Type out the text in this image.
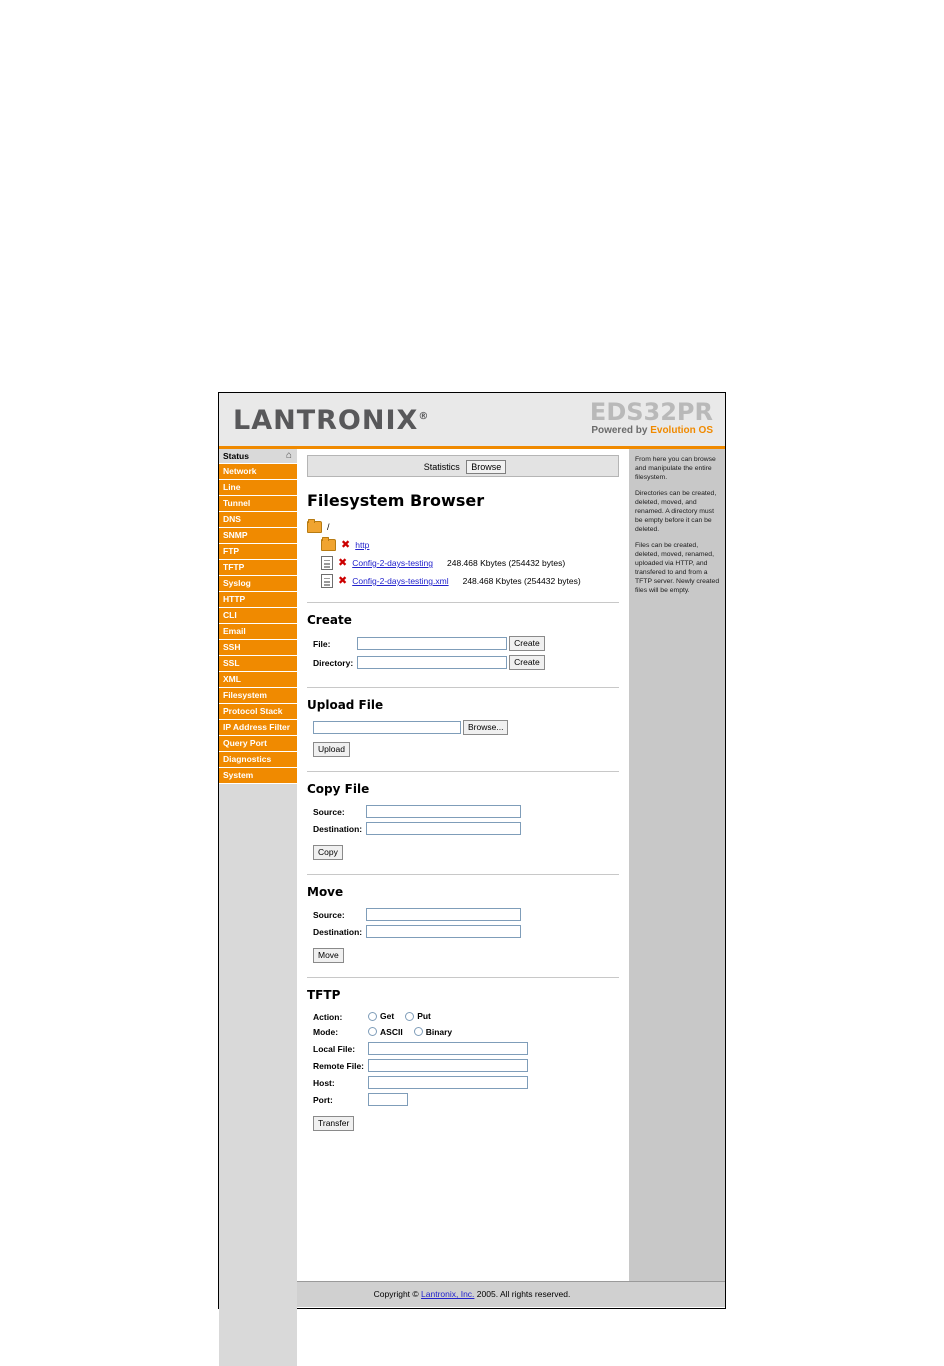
LANTRONIX®	EDS32PR
Powered by Evolution OS
Status	⌂
Network
Line
Tunnel
DNS
SNMP
FTP
TFTP
Syslog
HTTP
CLI
Email
SSH
SSL
XML
Filesystem
Protocol Stack
IP Address Filter
Query Port
Diagnostics
System
Statistics Browse
Filesystem Browser
/
✖ http
✖ Config-2-days-testing 248.468 Kbytes (254432 bytes)
✖ Config-2-days-testing.xml 248.468 Kbytes (254432 bytes)
Create
File:		Create
Directory:		Create
Upload File
Browse...
Upload
Copy File
Source:	
Destination:	
Copy
Move
Source:	
Destination:	
Move
TFTP
Action:	Get Put

Mode:	ASCII Binary

Local File:	
Remote File:	
Host:	
Port:	
Transfer

From here you can browse and manipulate the entire filesystem.

Directories can be created, deleted, moved, and renamed. A directory must be empty before it can be deleted.

Files can be created, deleted, moved, renamed, uploaded via HTTP, and transfered to and from a TFTP server. Newly created files will be empty.

Copyright © Lantronix, Inc. 2005. All rights reserved.
